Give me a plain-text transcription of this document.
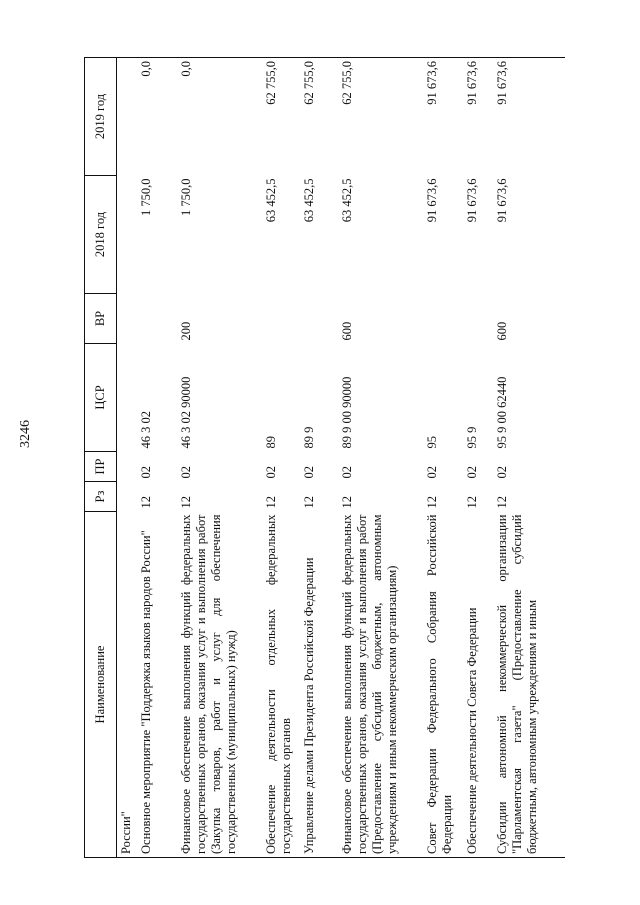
3246
Наименование	Рз	ПР	ЦСР	ВР	2018 год	2019 год
России"						
Основное мероприятие "Поддержка языков народов России"	12	02	46 3 02		1 750,0	0,0
Финансовое обеспечение выполнения функций федеральных государственных органов, оказания услуг и выполнения работ (Закупка товаров, работ и услуг для обеспечения государственных (муниципальных) нужд)	12	02	46 3 02 90000	200	1 750,0	0,0
Обеспечение деятельности отдельных федеральных государственных органов	12	02	89		63 452,5	62 755,0
Управление делами Президента Российской Федерации	12	02	89 9		63 452,5	62 755,0
Финансовое обеспечение выполнения функций федеральных государственных органов, оказания услуг и выполнения работ (Предоставление субсидий бюджетным, автономным учреждениям и иным некоммерческим организациям)	12	02	89 9 00 90000	600	63 452,5	62 755,0
Совет Федерации Федерального Собрания Российской Федерации	12	02	95		91 673,6	91 673,6
Обеспечение деятельности Совета Федерации	12	02	95 9		91 673,6	91 673,6
Субсидии автономной некоммерческой организации "Парламентская газета" (Предоставление субсидий бюджетным, автономным учреждениям и иным	12	02	95 9 00 62440	600	91 673,6	91 673,6
